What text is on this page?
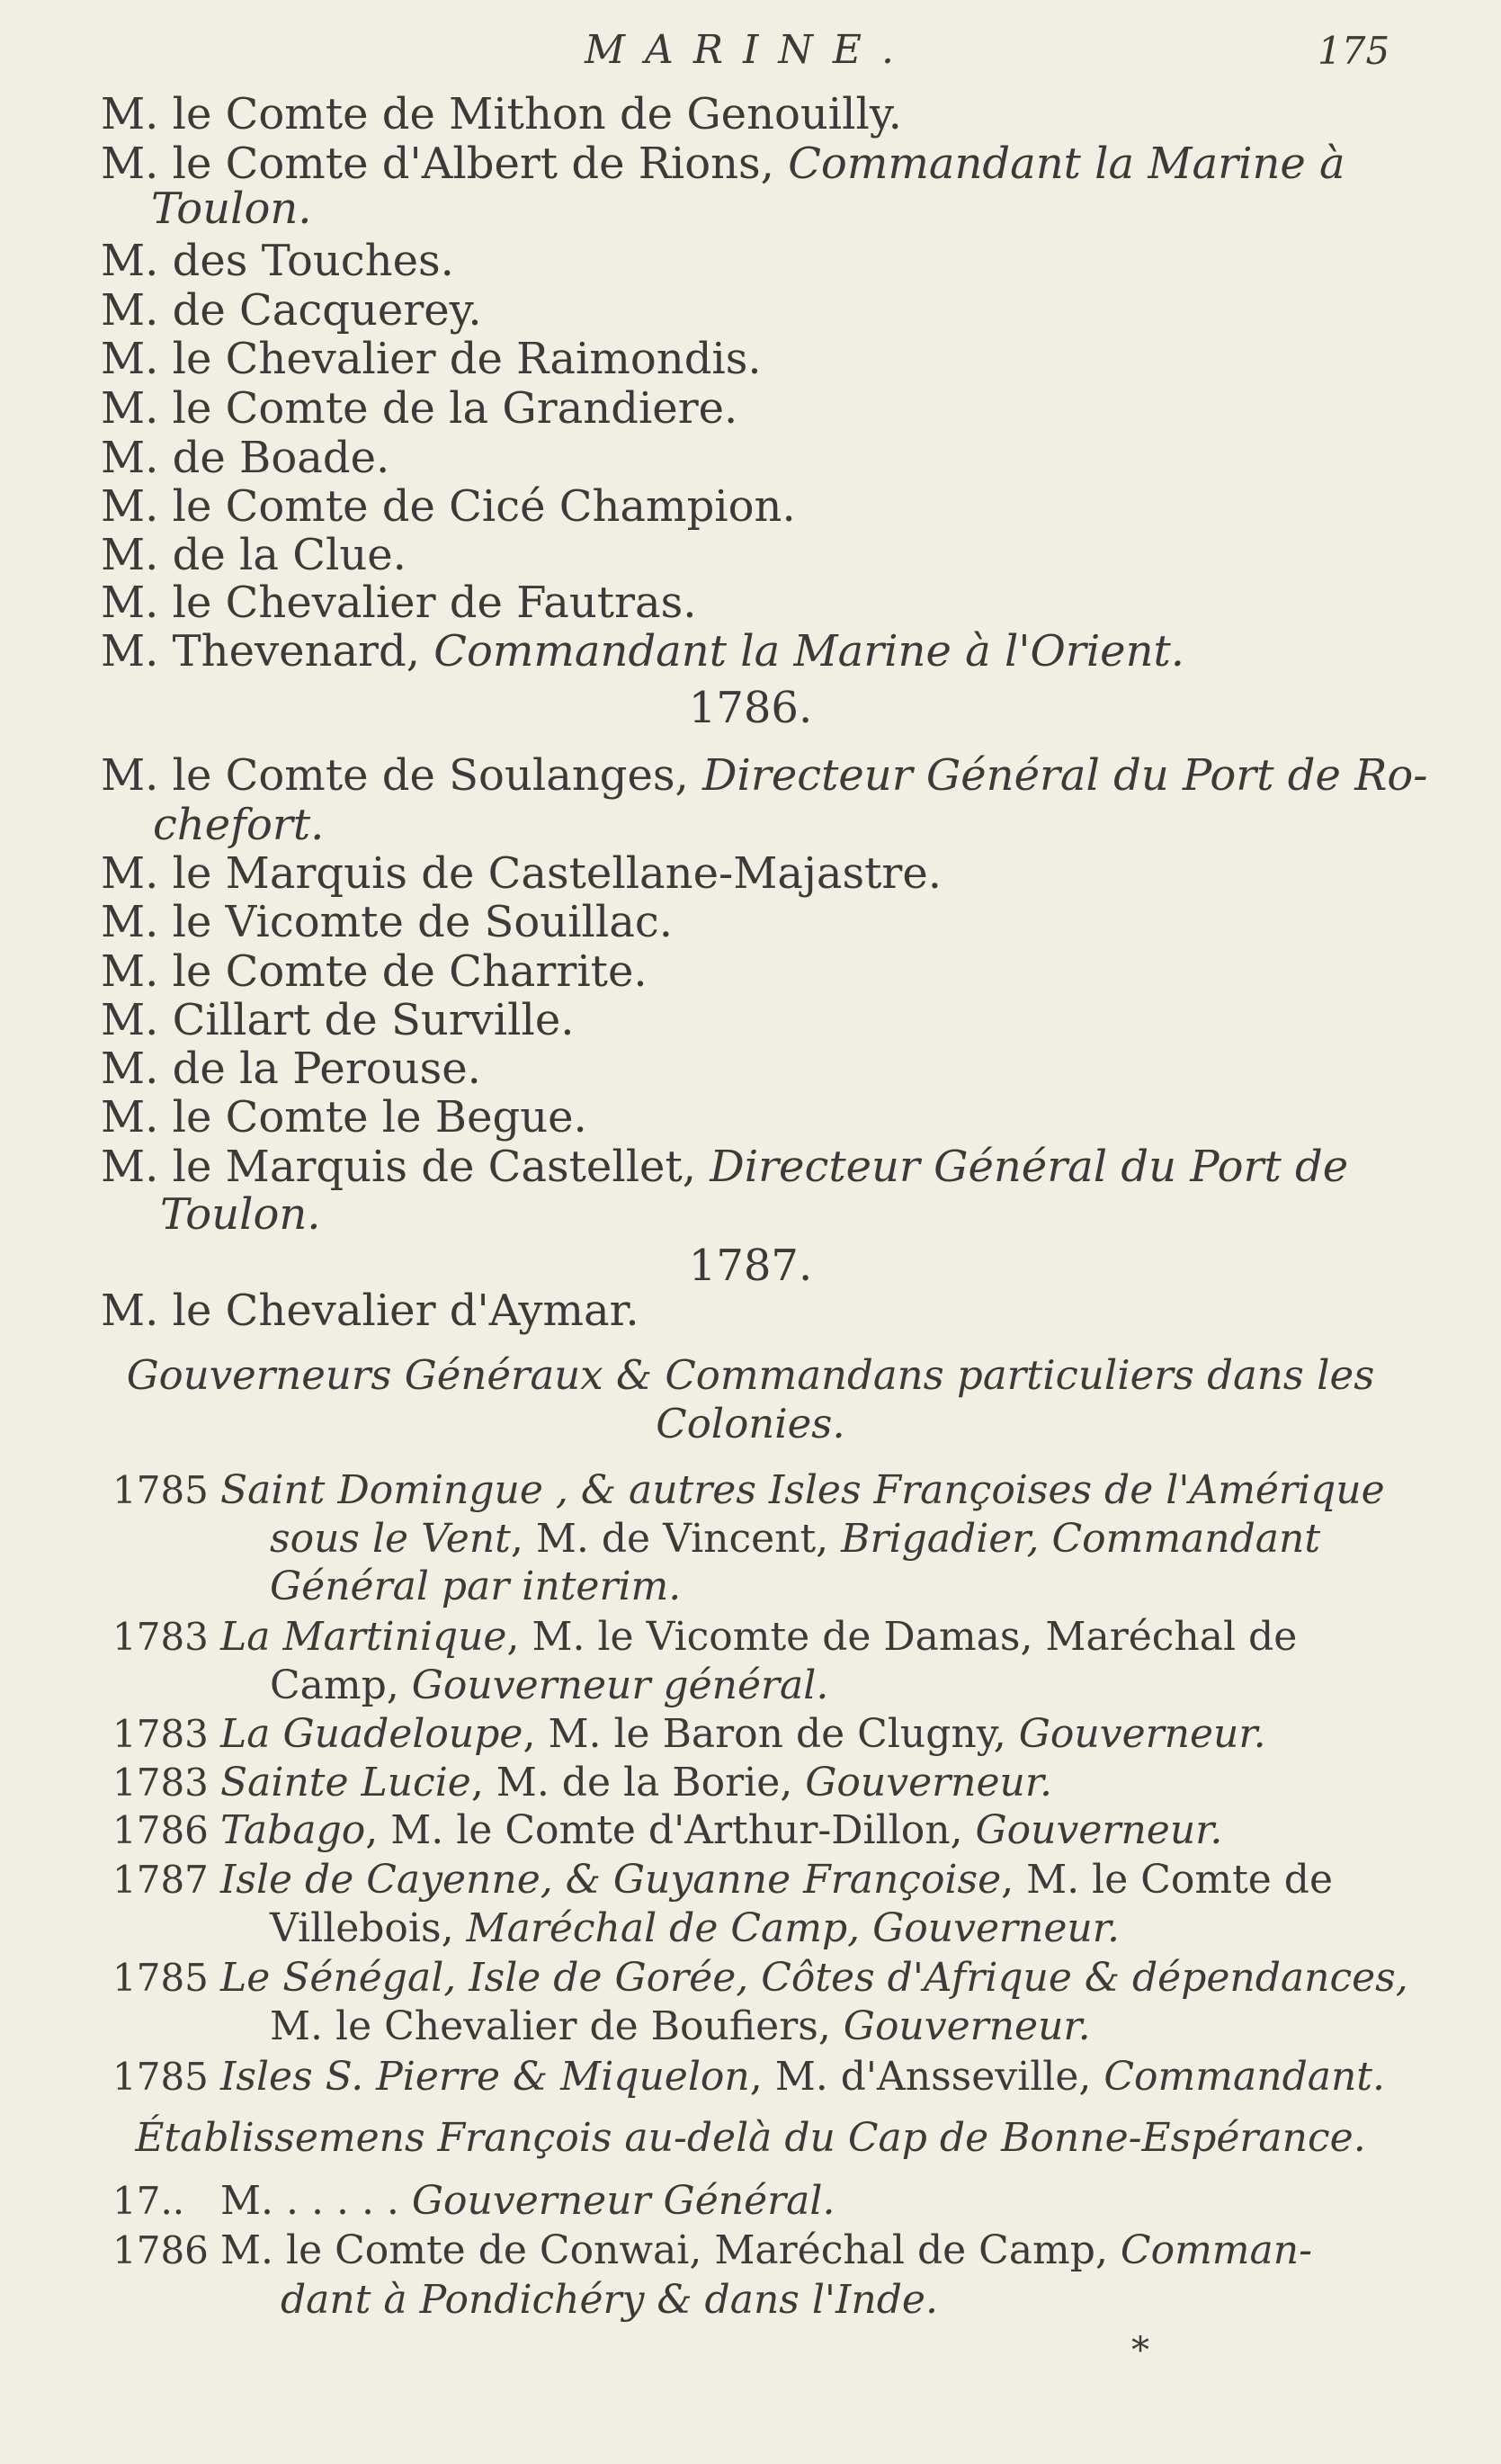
MARINE.	175
M. le Comte de Mithon de Genouilly.
M. le Comte d'Albert de Rions, Commandant la Marine à
Toulon.
M. des Touches.
M. de Cacquerey.
M. le Chevalier de Raimondis.
M. le Comte de la Grandiere.
M. de Boade.
M. le Comte de Cicé Champion.
M. de la Clue.
M. le Chevalier de Fautras.
M. Thevenard, Commandant la Marine à l'Orient.
1786.
M. le Comte de Soulanges, Directeur Général du Port de Ro-
chefort.
M. le Marquis de Castellane-Majastre.
M. le Vicomte de Souillac.
M. le Comte de Charrite.
M. Cillart de Surville.
M. de la Perouse.
M. le Comte le Begue.
M. le Marquis de Castellet, Directeur Général du Port de
Toulon.
1787.
M. le Chevalier d'Aymar.
Gouverneurs Généraux & Commandans particuliers dans les
Colonies.
1785 Saint Domingue , & autres Isles Françoises de l'Amérique
sous le Vent, M. de Vincent, Brigadier, Commandant
Général par interim.
1783 La Martinique, M. le Vicomte de Damas, Maréchal de
Camp, Gouverneur général.
1783 La Guadeloupe, M. le Baron de Clugny, Gouverneur.
1783 Sainte Lucie, M. de la Borie, Gouverneur.
1786 Tabago, M. le Comte d'Arthur-Dillon, Gouverneur.
1787 Isle de Cayenne, & Guyanne Françoise, M. le Comte de
Villebois, Maréchal de Camp, Gouverneur.
1785 Le Sénégal, Isle de Gorée, Côtes d'Afrique & dépendances,
M. le Chevalier de Boufiers, Gouverneur.
1785 Isles S. Pierre & Miquelon, M. d'Ansseville, Commandant.
Établissemens François au-delà du Cap de Bonne-Espérance.
17.. M. . . . . . Gouverneur Général.
1786 M. le Comte de Conwai, Maréchal de Camp, Comman-
dant à Pondichéry & dans l'Inde.
*
